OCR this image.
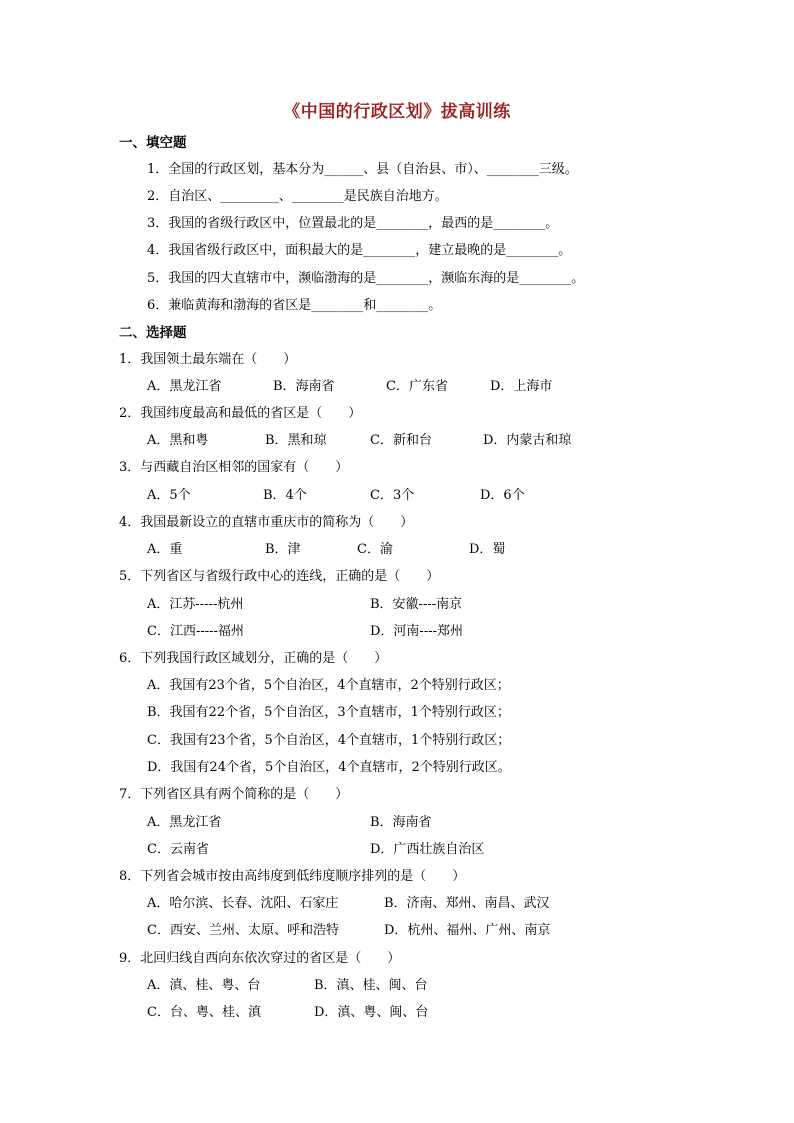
《中国的行政区划》拔高训练
一、填空题
1．全国的行政区划，基本分为______、县（自治县、市）、________三级。
2．自治区、_________、________是民族自治地方。
3．我国的省级行政区中，位置最北的是________，最西的是________。
4．我国省级行政区中，面积最大的是________，建立最晚的是________。
5．我国的四大直辖市中，濒临渤海的是________，濒临东海的是________。
6．兼临黄海和渤海的省区是________和________。
二、选择题
1．我国领土最东端在（　　）
A．黑龙江省	B．海南省	C．广东省	D．上海市
2．我国纬度最高和最低的省区是（　　）
A．黑和粤	B．黑和琼	C．新和台	D．内蒙古和琼
3．与西藏自治区相邻的国家有（　　）
A．5个	B．4个	C．3个	D．6个
4．我国最新设立的直辖市重庆市的简称为（　　）
A．重	B．津	C．渝	D．蜀
5．下列省区与省级行政中心的连线，正确的是（　　）
A．江苏-----杭州	B．安徽----南京
C．江西-----福州	D．河南----郑州
6．下列我国行政区域划分，正确的是（　　）
A．我国有23个省，5个自治区，4个直辖市，2个特别行政区；
B．我国有22个省，5个自治区，3个直辖市，1个特别行政区；
C．我国有23个省，5个自治区，4个直辖市，1个特别行政区；
D．我国有24个省，5个自治区，4个直辖市，2个特别行政区。
7．下列省区具有两个简称的是（　　）
A．黑龙江省	B．海南省
C．云南省	D．广西壮族自治区
8．下列省会城市按由高纬度到低纬度顺序排列的是（　　）
A．哈尔滨、长春、沈阳、石家庄	B．济南、郑州、南昌、武汉
C．西安、兰州、太原、呼和浩特	D．杭州、福州、广州、南京
9．北回归线自西向东依次穿过的省区是（　　）
A．滇、桂、粤、台	B．滇、桂、闽、台
C．台、粤、桂、滇	D．滇、粤、闽、台
